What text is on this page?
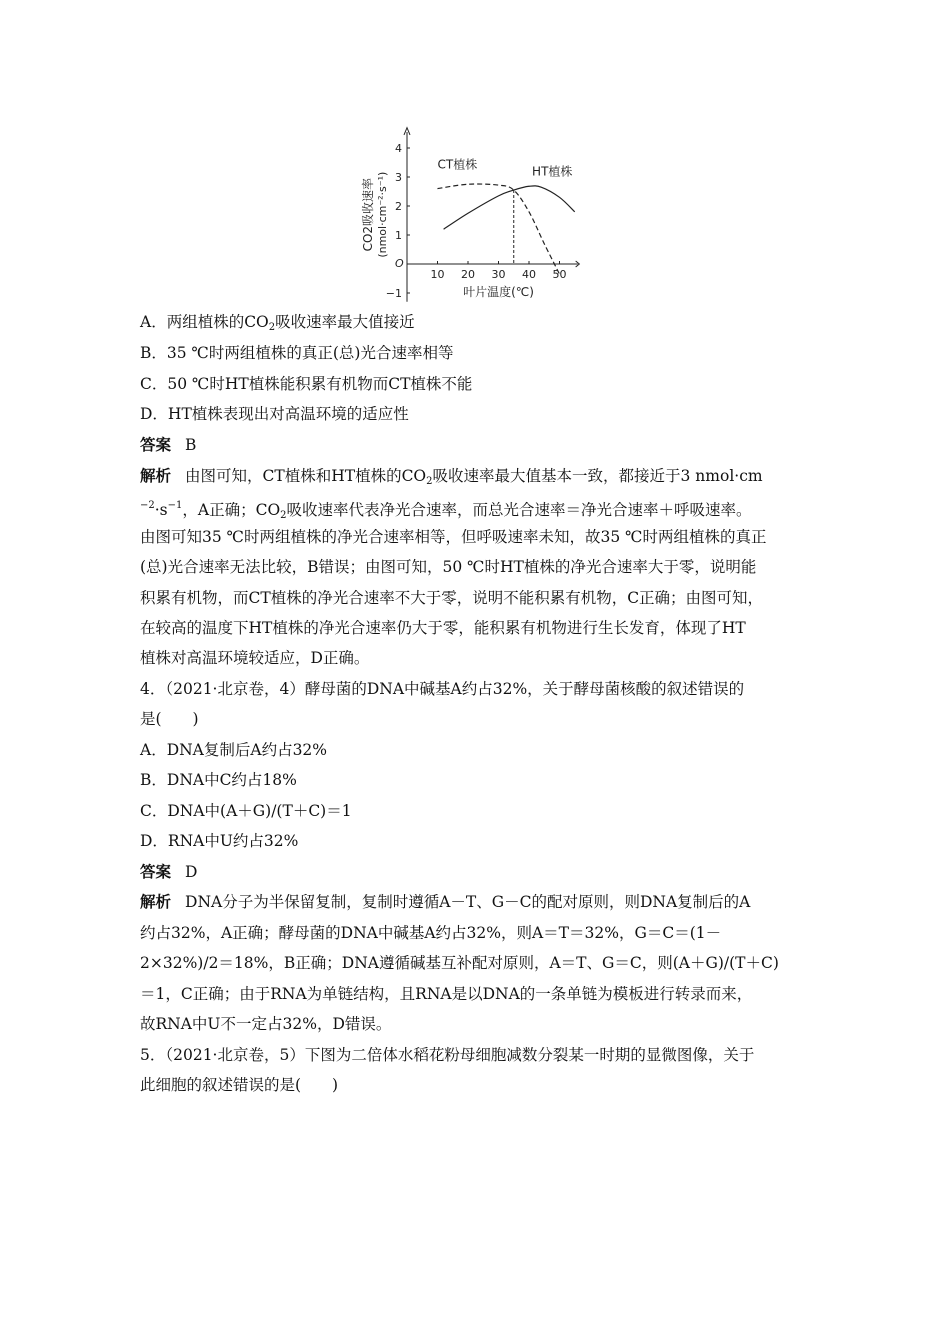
4
3
2
1
−1
10 20 30 40 50
O
叶片温度(℃)
CO2吸收速率 (nmol·cm⁻²·s⁻¹)
CT植株
HT植株
A．两组植株的$CO_2$吸收速率最大值接近
B．35 ℃时两组植株的真正(总)光合速率相等
C．50 ℃时HT植株能积累有机物而CT植株不能
D．HT植株表现出对高温环境的适应性
答案 B
解析 由图可知，CT植株和HT植株的$CO_2$吸收速率最大值基本一致，都接近于3 nmol·cm
$^{-2}\cdot s^{-1}$，A正确；$CO_2$吸收速率代表净光合速率，而总光合速率＝净光合速率＋呼吸速率。
由图可知35 ℃时两组植株的净光合速率相等，但呼吸速率未知，故35 ℃时两组植株的真正
(总)光合速率无法比较，B错误；由图可知，50 ℃时HT植株的净光合速率大于零，说明能
积累有机物，而CT植株的净光合速率不大于零，说明不能积累有机物，C正确；由图可知，
在较高的温度下HT植株的净光合速率仍大于零，能积累有机物进行生长发育，体现了HT
植株对高温环境较适应，D正确。
4．（2021·北京卷，4）酵母菌的DNA中碱基A约占32%，关于酵母菌核酸的叙述错误的
是(　　)
A．DNA复制后A约占32%
B．DNA中C约占18%
C．DNA中(A＋G)/(T＋C)＝1
D．RNA中U约占32%
答案 D
解析 DNA分子为半保留复制，复制时遵循A－T、G－C的配对原则，则DNA复制后的A
约占32%，A正确；酵母菌的DNA中碱基A约占32%，则A＝T＝32%，G＝C＝(1－
2×32%)/2＝18%，B正确；DNA遵循碱基互补配对原则，A＝T、G＝C，则(A＋G)/(T＋C)
＝1，C正确；由于RNA为单链结构，且RNA是以DNA的一条单链为模板进行转录而来，
故RNA中U不一定占32%，D错误。
5．（2021·北京卷，5）下图为二倍体水稻花粉母细胞减数分裂某一时期的显微图像，关于
此细胞的叙述错误的是(　　)
